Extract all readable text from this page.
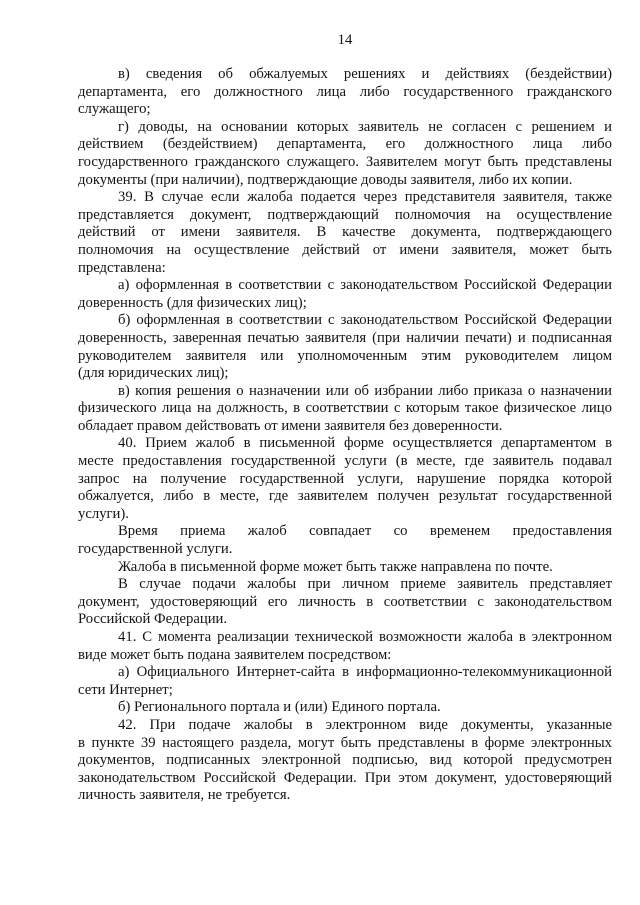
14
в) сведения об обжалуемых решениях и действиях (бездействии)
департамента, его должностного лица либо государственного гражданского
служащего;
г) доводы, на основании которых заявитель не согласен с решением и
действием (бездействием) департамента, его должностного лица либо
государственного гражданского служащего. Заявителем могут быть представлены
документы (при наличии), подтверждающие доводы заявителя, либо их копии.
39. В случае если жалоба подается через представителя заявителя, также
представляется документ, подтверждающий полномочия на осуществление
действий от имени заявителя. В качестве документа, подтверждающего
полномочия на осуществление действий от имени заявителя, может быть
представлена:
а) оформленная в соответствии с законодательством Российской Федерации
доверенность (для физических лиц);
б) оформленная в соответствии с законодательством Российской Федерации
доверенность, заверенная печатью заявителя (при наличии печати) и подписанная
руководителем заявителя или уполномоченным этим руководителем лицом
(для юридических лиц);
в) копия решения о назначении или об избрании либо приказа о назначении
физического лица на должность, в соответствии с которым такое физическое лицо
обладает правом действовать от имени заявителя без доверенности.
40. Прием жалоб в письменной форме осуществляется департаментом в
месте предоставления государственной услуги (в месте, где заявитель подавал
запрос на получение государственной услуги, нарушение порядка которой
обжалуется, либо в месте, где заявителем получен результат государственной
услуги).
Время приема жалоб совпадает со временем предоставления
государственной услуги.
Жалоба в письменной форме может быть также направлена по почте.
В случае подачи жалобы при личном приеме заявитель представляет
документ, удостоверяющий его личность в соответствии с законодательством
Российской Федерации.
41. С момента реализации технической возможности жалоба в электронном
виде может быть подана заявителем посредством:
а) Официального Интернет-сайта в информационно-телекоммуникационной
сети Интернет;
б) Регионального портала и (или) Единого портала.
42. При подаче жалобы в электронном виде документы, указанные
в пункте 39 настоящего раздела, могут быть представлены в форме электронных
документов, подписанных электронной подписью, вид которой предусмотрен
законодательством Российской Федерации. При этом документ, удостоверяющий
личность заявителя, не требуется.
